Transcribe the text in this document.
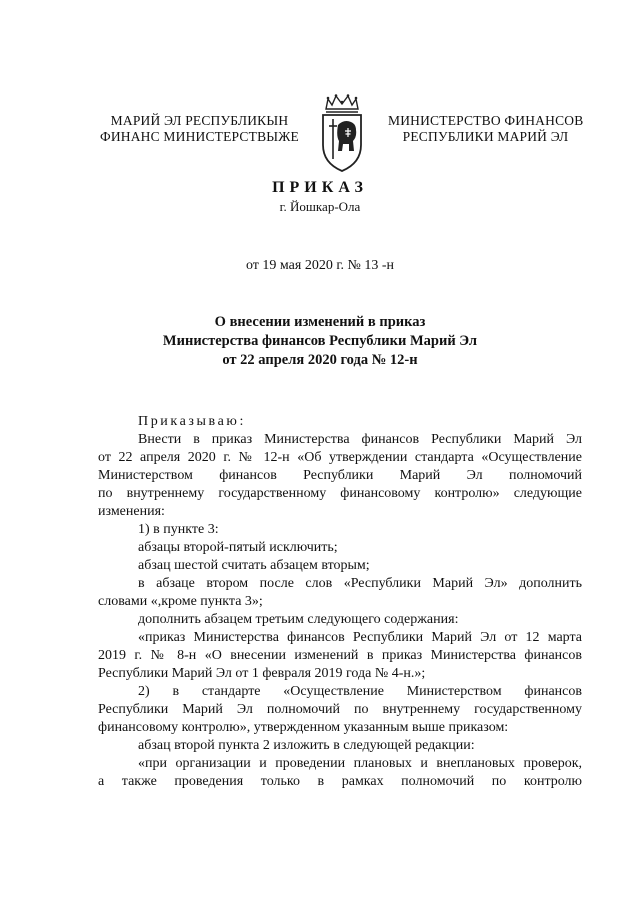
МАРИЙ ЭЛ РЕСПУБЛИКЫН
ФИНАНС МИНИСТЕРСТВЫЖЕ
МИНИСТЕРСТВО ФИНАНСОВ
РЕСПУБЛИКИ МАРИЙ ЭЛ
ПРИКАЗ
г. Йошкар-Ола
от 19 мая 2020 г. № 13 -н
О внесении изменений в приказ
Министерства финансов Республики Марий Эл
от 22 апреля 2020 года № 12-н

Приказываю:

Внести в приказ Министерства финансов Республики Марий Эл

от 22 апреля 2020 г. № 12-н «Об утверждении стандарта «Осуществление

Министерством финансов Республики Марий Эл полномочий

по внутреннему государственному финансовому контролю» следующие

изменения:

1) в пункте 3:

абзацы второй-пятый исключить;

абзац шестой считать абзацем вторым;

в абзаце втором после слов «Республики Марий Эл» дополнить

словами «,кроме пункта 3»;

дополнить абзацем третьим следующего содержания:

«приказ Министерства финансов Республики Марий Эл от 12 марта

2019 г. № 8-н «О внесении изменений в приказ Министерства финансов

Республики Марий Эл от 1 февраля 2019 года № 4-н.»;

2) в стандарте «Осуществление Министерством финансов

Республики Марий Эл полномочий по внутреннему государственному

финансовому контролю», утвержденном указанным выше приказом:

абзац второй пункта 2 изложить в следующей редакции:

«при организации и проведении плановых и внеплановых проверок,

а также проведения только в рамках полномочий по контролю
